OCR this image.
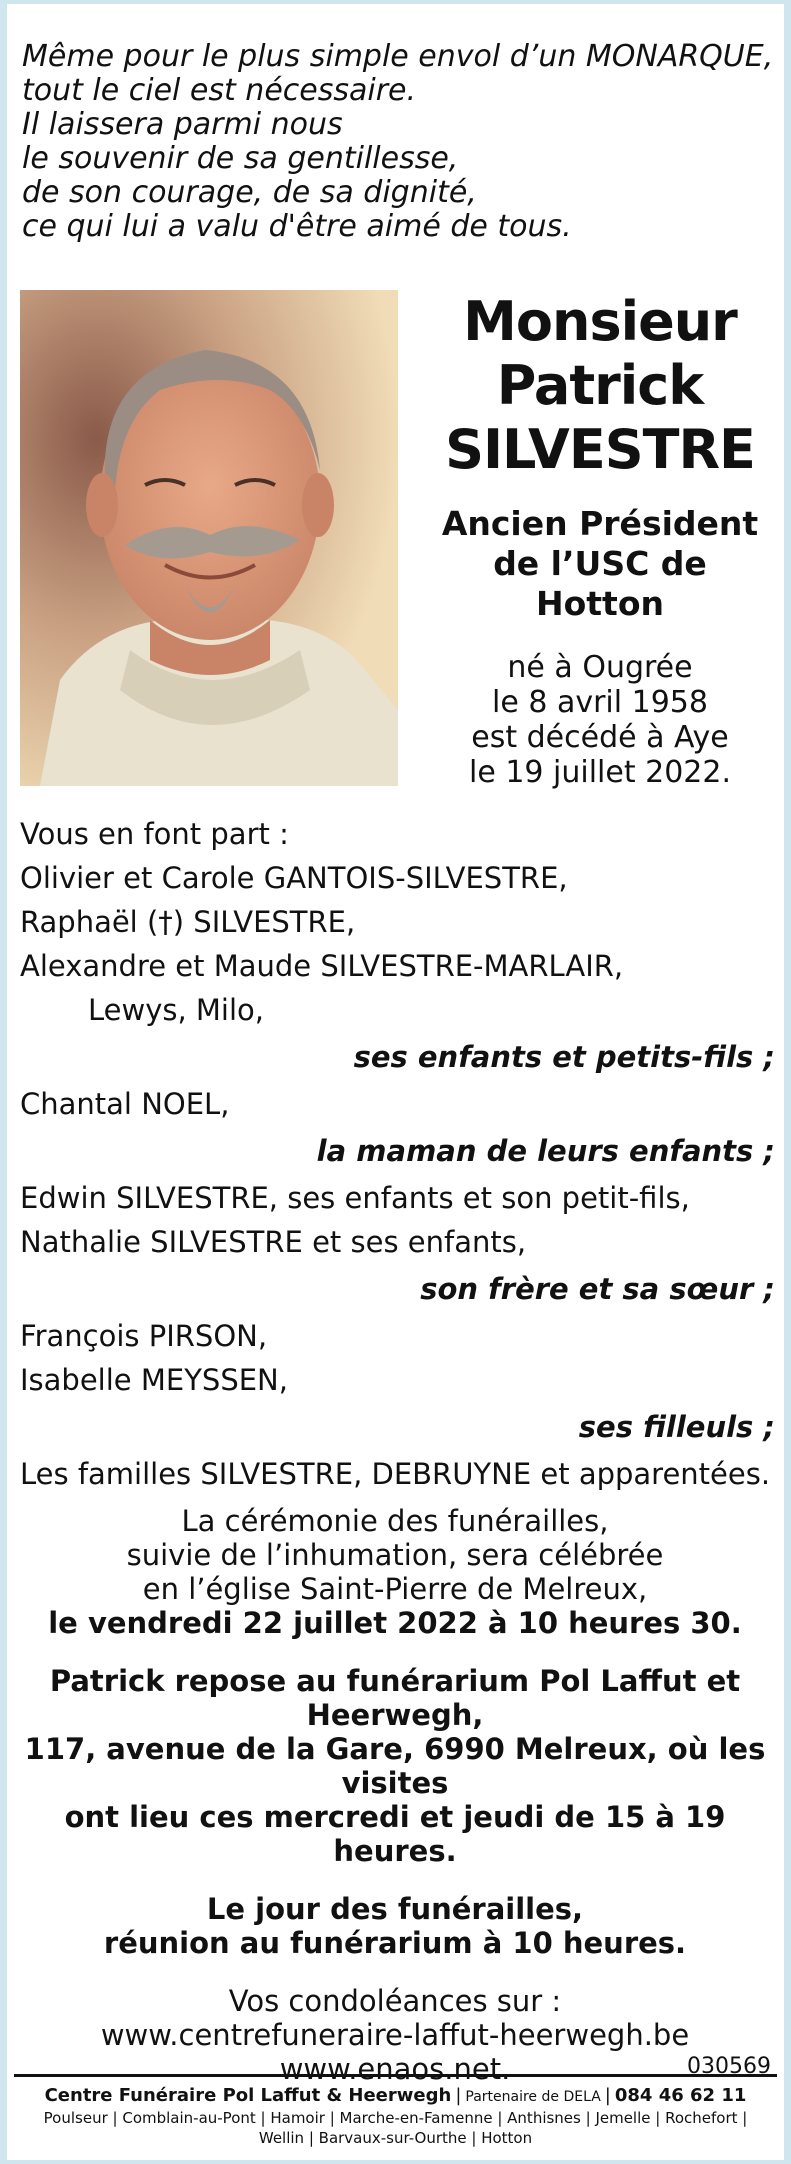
Même pour le plus simple envol d’un MONARQUE,
tout le ciel est nécessaire.
Il laissera parmi nous
le souvenir de sa gentillesse,
de son courage, de sa dignité,
ce qui lui a valu d'être aimé de tous.
Monsieur
Patrick
SILVESTRE
Ancien Président
de l’USC de Hotton
né à Ougrée
le 8 avril 1958
est décédé à Aye
le 19 juillet 2022.
Vous en font part :
Olivier et Carole GANTOIS-SILVESTRE,
Raphaël (†) SILVESTRE,
Alexandre et Maude SILVESTRE-MARLAIR,
Lewys, Milo,
ses enfants et petits-fils ;
Chantal NOEL,
la maman de leurs enfants ;
Edwin SILVESTRE, ses enfants et son petit-fils,
Nathalie SILVESTRE et ses enfants,
son frère et sa sœur ;
François PIRSON,
Isabelle MEYSSEN,
ses filleuls ;
Les familles SILVESTRE, DEBRUYNE et apparentées.
La cérémonie des funérailles,
suivie de l’inhumation, sera célébrée
en l’église Saint-Pierre de Melreux,
le vendredi 22 juillet 2022 à 10 heures 30.
Patrick repose au funérarium Pol Laffut et Heerwegh,
117, avenue de la Gare, 6990 Melreux, où les visites
ont lieu ces mercredi et jeudi de 15 à 19 heures.
Le jour des funérailles,
réunion au funérarium à 10 heures.
Vos condoléances sur :
www.centrefuneraire-laffut-heerwegh.be
www.enaos.net.	030569
Centre Funéraire Pol Laffut & Heerwegh | Partenaire de DELA | 084 46 62 11
Poulseur | Comblain-au-Pont | Hamoir | Marche-en-Famenne | Anthisnes | Jemelle | Rochefort |
Wellin | Barvaux-sur-Ourthe | Hotton
